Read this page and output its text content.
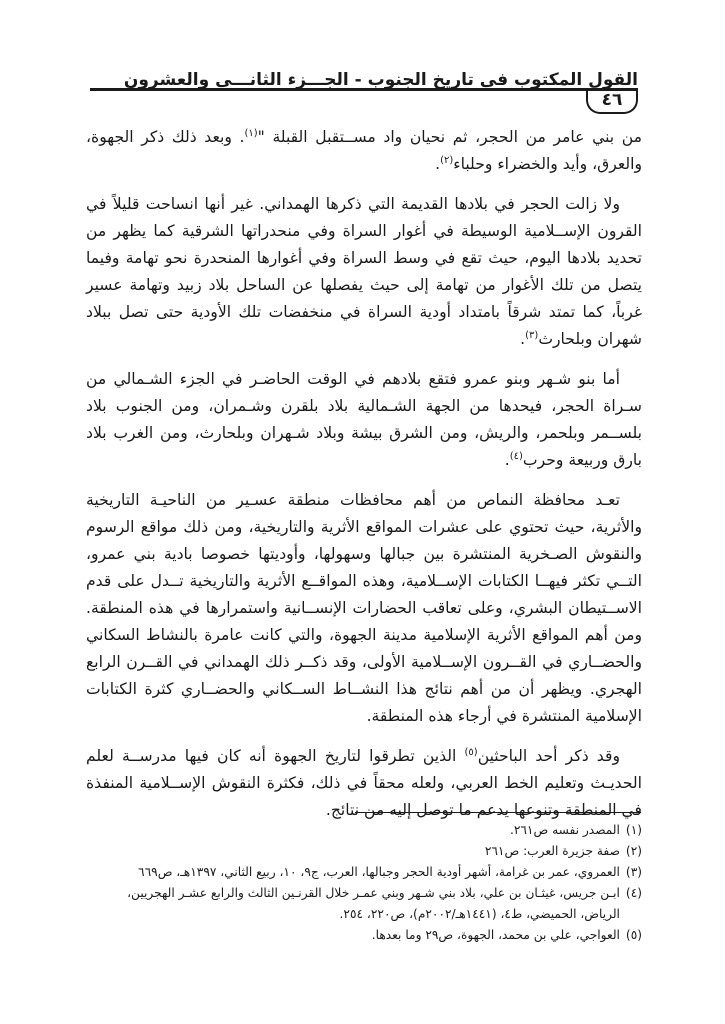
القول المكتوب في تاريخ الجنوب - الجـــزء الثانـــي والعشرون
٤٦

من بني عامر من الحجر، ثم نحيان واد مســتقبل القبلة "$^{(١)}$. وبعد ذلك ذكر الجهوة، والعرق، وأيد والخضراء وحلباء$^{(٢)}$.

ولا زالت الحجر في بلادها القديمة التي ذكرها الهمداني. غير أنها انساحت قليلاً في القرون الإســلامية الوسيطة في أغوار السراة وفي منحدراتها الشرقية كما يظهر من تحديد بلادها اليوم، حيث تقع في وسط السراة وفي أغوارها المنحدرة نحو تهامة وفيما يتصل من تلك الأغوار من تهامة إلى حيث يفصلها عن الساحل بلاد زبيد وتهامة عسير غرباً، كما تمتد شرقاً بامتداد أودية السراة في منخفضات تلك الأودية حتى تصل ببلاد شهران وبلحارث$^{(٣)}$.

أما بنو شـهر وبنو عمرو فتقع بلادهم في الوقت الحاضـر في الجزء الشـمالي من سـراة الحجر، فيحدها من الجهة الشـمالية بلاد بلقرن وشـمران، ومن الجنوب بلاد بلســمر وبلحمر، والريش، ومن الشرق بيشة وبلاد شـهران وبلحارث، ومن الغرب بلاد بارق وربيعة وحرب$^{(٤)}$.

تعـد محافظة النماص من أهم محافظات منطقة عسـير من الناحيـة التاريخية والأثرية، حيث تحتوي على عشرات المواقع الأثرية والتاريخية، ومن ذلك مواقع الرسوم والنقوش الصـخرية المنتشرة بين جبالها وسهولها، وأوديتها خصوصا بادية بني عمرو، التــي تكثر فيهــا الكتابات الإســلامية، وهذه المواقــع الأثرية والتاريخية تــدل على قدم الاســتيطان البشري، وعلى تعاقب الحضارات الإنســانية واستمرارها في هذه المنطقة. ومن أهم المواقع الأثرية الإسلامية مدينة الجهوة، والتي كانت عامرة بالنشاط السكاني والحضــاري في القــرون الإســلامية الأولى، وقد ذكــر ذلك الهمداني في القــرن الرابع الهجري. ويظهر أن من أهم نتائج هذا النشــاط الســكاني والحضــاري كثرة الكتابات الإسلامية المنتشرة في أرجاء هذه المنطقة.

وقد ذكر أحد الباحثين$^{(٥)}$ الذين تطرقوا لتاريخ الجهوة أنه كان فيها مدرســة لعلم الحديـث وتعليم الخط العربي، ولعله محقاً في ذلك، فكثرة النقوش الإســلامية المنفذة في المنطقة وتنوعها يدعم ما توصل إليه من نتائج.

(١)
المصدر نفسه ص٢٦١.
(٢)
صفة جزيرة العرب: ص٢٦١
(٣)
العمروي، عمر بن غرامة، أشهر أودية الحجر وجبالها، العرب، ج٩، ١٠، ربيع الثاني، ١٣٩٧هـ، ص٦٦٩
(٤)
ابـن جريس، غيثـان بن علي، بلاد بني شـهر وبني عمـر خلال القرنـين الثالث والرابع عشـر الهجريين، الرياض، الحميضي، ط٤، (١٤٤١هـ/٢٠٠٢م)، ص٢٢٠، ٢٥٤.
(٥)
العواجي، علي بن محمد، الجهوة، ص٢٩ وما بعدها.
